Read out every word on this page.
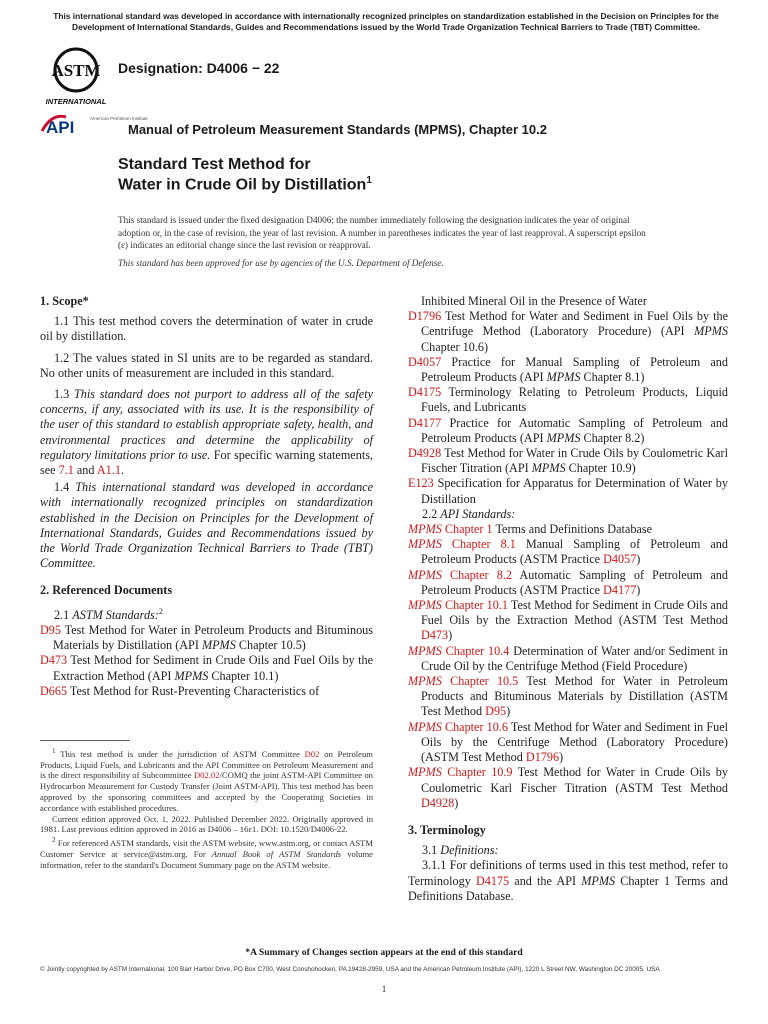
This international standard was developed in accordance with internationally recognized principles on standardization established in the Decision on Principles for the Development of International Standards, Guides and Recommendations issued by the World Trade Organization Technical Barriers to Trade (TBT) Committee.
ASTM
INTERNATIONAL
Designation: D4006 − 22
API	American Petroleum Institute
Manual of Petroleum Measurement Standards (MPMS), Chapter 10.2
Standard Test Method for
Water in Crude Oil by Distillation$^1$
This standard is issued under the fixed designation D4006; the number immediately following the designation indicates the year of original adoption or, in the case of revision, the year of last revision. A number in parentheses indicates the year of last reapproval. A superscript epsilon (ε) indicates an editorial change since the last revision or reapproval.
This standard has been approved for use by agencies of the U.S. Department of Defense.

1. Scope*

1.1 This test method covers the determination of water in crude oil by distillation.

1.2 The values stated in SI units are to be regarded as standard. No other units of measurement are included in this standard.

1.3 This standard does not purport to address all of the safety concerns, if any, associated with its use. It is the responsibility of the user of this standard to establish appropriate safety, health, and environmental practices and determine the applicability of regulatory limitations prior to use. For specific warning statements, see 7.1 and A1.1.

1.4 This international standard was developed in accordance with internationally recognized principles on standardization established in the Decision on Principles for the Development of International Standards, Guides and Recommendations issued by the World Trade Organization Technical Barriers to Trade (TBT) Committee.

2. Referenced Documents

2.1 ASTM Standards:$^2$

D95 Test Method for Water in Petroleum Products and Bituminous Materials by Distillation (API MPMS Chapter 10.5)

D473 Test Method for Sediment in Crude Oils and Fuel Oils by the Extraction Method (API MPMS Chapter 10.1)

D665 Test Method for Rust-Preventing Characteristics of

$^1$ This test method is under the jurisdiction of ASTM Committee D02 on Petroleum Products, Liquid Fuels, and Lubricants and the API Committee on Petroleum Measurement and is the direct responsibility of Subcommittee D02.02/COMQ the joint ASTM-API Committee on Hydrocarbon Measurement for Custody Transfer (Joint ASTM-API). This test method has been approved by the sponsoring committees and accepted by the Cooperating Societies in accordance with established procedures.

Current edition approved Oct. 1, 2022. Published December 2022. Originally approved in 1981. Last previous edition approved in 2016 as D4006 – 16ε1. DOI: 10.1520/D4006-22.

$^2$ For referenced ASTM standards, visit the ASTM website, www.astm.org, or contact ASTM Customer Service at service@astm.org. For Annual Book of ASTM Standards volume information, refer to the standard's Document Summary page on the ASTM website.

Inhibited Mineral Oil in the Presence of Water

D1796 Test Method for Water and Sediment in Fuel Oils by the Centrifuge Method (Laboratory Procedure) (API MPMS Chapter 10.6)

D4057 Practice for Manual Sampling of Petroleum and Petroleum Products (API MPMS Chapter 8.1)

D4175 Terminology Relating to Petroleum Products, Liquid Fuels, and Lubricants

D4177 Practice for Automatic Sampling of Petroleum and Petroleum Products (API MPMS Chapter 8.2)

D4928 Test Method for Water in Crude Oils by Coulometric Karl Fischer Titration (API MPMS Chapter 10.9)

E123 Specification for Apparatus for Determination of Water by Distillation

2.2 API Standards:

MPMS Chapter 1 Terms and Definitions Database

MPMS Chapter 8.1 Manual Sampling of Petroleum and Petroleum Products (ASTM Practice D4057)

MPMS Chapter 8.2 Automatic Sampling of Petroleum and Petroleum Products (ASTM Practice D4177)

MPMS Chapter 10.1 Test Method for Sediment in Crude Oils and Fuel Oils by the Extraction Method (ASTM Test Method D473)

MPMS Chapter 10.4 Determination of Water and/or Sediment in Crude Oil by the Centrifuge Method (Field Procedure)

MPMS Chapter 10.5 Test Method for Water in Petroleum Products and Bituminous Materials by Distillation (ASTM Test Method D95)

MPMS Chapter 10.6 Test Method for Water and Sediment in Fuel Oils by the Centrifuge Method (Laboratory Procedure) (ASTM Test Method D1796)

MPMS Chapter 10.9 Test Method for Water in Crude Oils by Coulometric Karl Fischer Titration (ASTM Test Method D4928)

3. Terminology

3.1 Definitions:

3.1.1 For definitions of terms used in this test method, refer to Terminology D4175 and the API MPMS Chapter 1 Terms and Definitions Database.

*A Summary of Changes section appears at the end of this standard
© Jointly copyrighted by ASTM International, 100 Barr Harbor Drive, PO Box C700, West Conshohocken, PA 19428-2959, USA and the American Petroleum Institute (API), 1220 L Street NW, Washington DC 20005, USA
1
